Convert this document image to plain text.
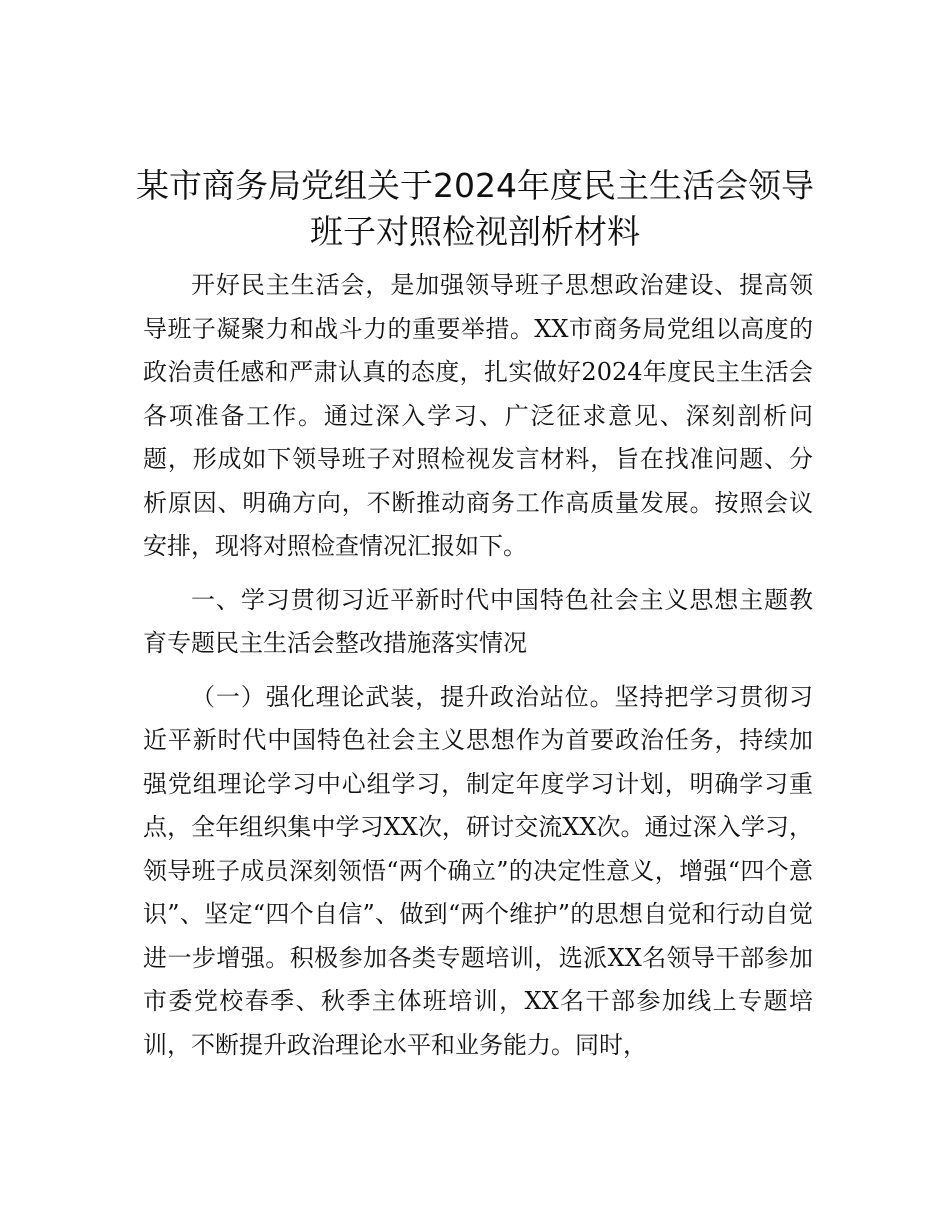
某市商务局党组关于2024年度民主生活会领导
班子对照检视剖析材料

开好民主生活会，是加强领导班子思想政治建设、提高领导班子凝聚力和战斗力的重要举措。XX市商务局党组以高度的政治责任感和严肃认真的态度，扎实做好2024年度民主生活会各项准备工作。通过深入学习、广泛征求意见、深刻剖析问题，形成如下领导班子对照检视发言材料，旨在找准问题、分析原因、明确方向，不断推动商务工作高质量发展。按照会议安排，现将对照检查情况汇报如下。

一、学习贯彻习近平新时代中国特色社会主义思想主题教育专题民主生活会整改措施落实情况

（一）强化理论武装，提升政治站位。坚持把学习贯彻习近平新时代中国特色社会主义思想作为首要政治任务，持续加强党组理论学习中心组学习，制定年度学习计划，明确学习重点，全年组织集中学习XX次，研讨交流XX次。通过深入学习，领导班子成员深刻领悟“两个确立”的决定性意义，增强“四个意识”、坚定“四个自信”、做到“两个维护”的思想自觉和行动自觉进一步增强。积极参加各类专题培训，选派XX名领导干部参加市委党校春季、秋季主体班培训，XX名干部参加线上专题培训，不断提升政治理论水平和业务能力。同时，
